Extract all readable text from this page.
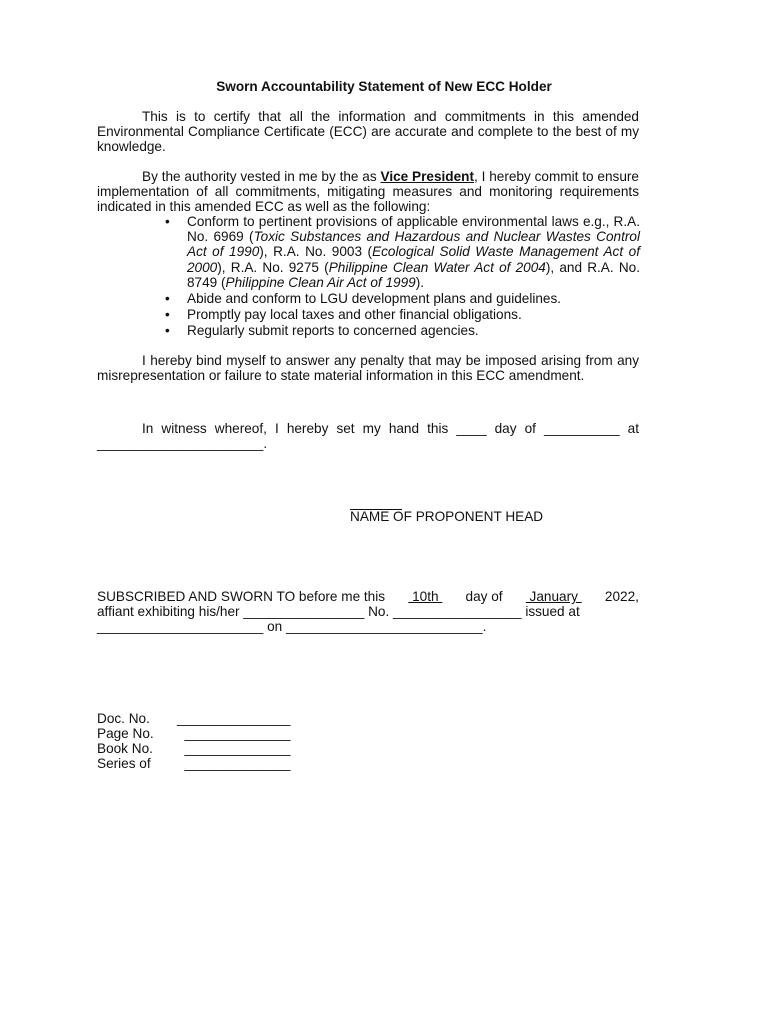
Sworn Accountability Statement of New ECC Holder

This is to certify that all the information and commitments in this amended Environmental Compliance Certificate (ECC) are accurate and complete to the best of my knowledge.

By the authority vested in me by the as Vice President, I hereby commit to ensure implementation of all commitments, mitigating measures and monitoring requirements indicated in this amended ECC as well as the following:

• Conform to pertinent provisions of applicable environmental laws e.g., R.A. No. 6969 (Toxic Substances and Hazardous and Nuclear Wastes Control Act of 1990), R.A. No. 9003 (Ecological Solid Waste Management Act of 2000), R.A. No. 9275 (Philippine Clean Water Act of 2004), and R.A. No. 8749 (Philippine Clean Air Act of 1999).
• Abide and conform to LGU development plans and guidelines.
• Promptly pay local taxes and other financial obligations.
• Regularly submit reports to concerned agencies.

I hereby bind myself to answer any penalty that may be imposed arising from any misrepresentation or failure to state material information in this ECC amendment.

In witness whereof, I hereby set my hand this ____ day of __________ at ______________________.

NAME OF PROPONENT HEAD
SUBSCRIBED AND SWORN TO before me this 10th day of January 2022,
affiant exhibiting his/her ________________ No. _________________ issued at
______________________ on __________________________.
Doc. No.	_______________
Page No.	______________
Book No.	______________
Series of	______________
